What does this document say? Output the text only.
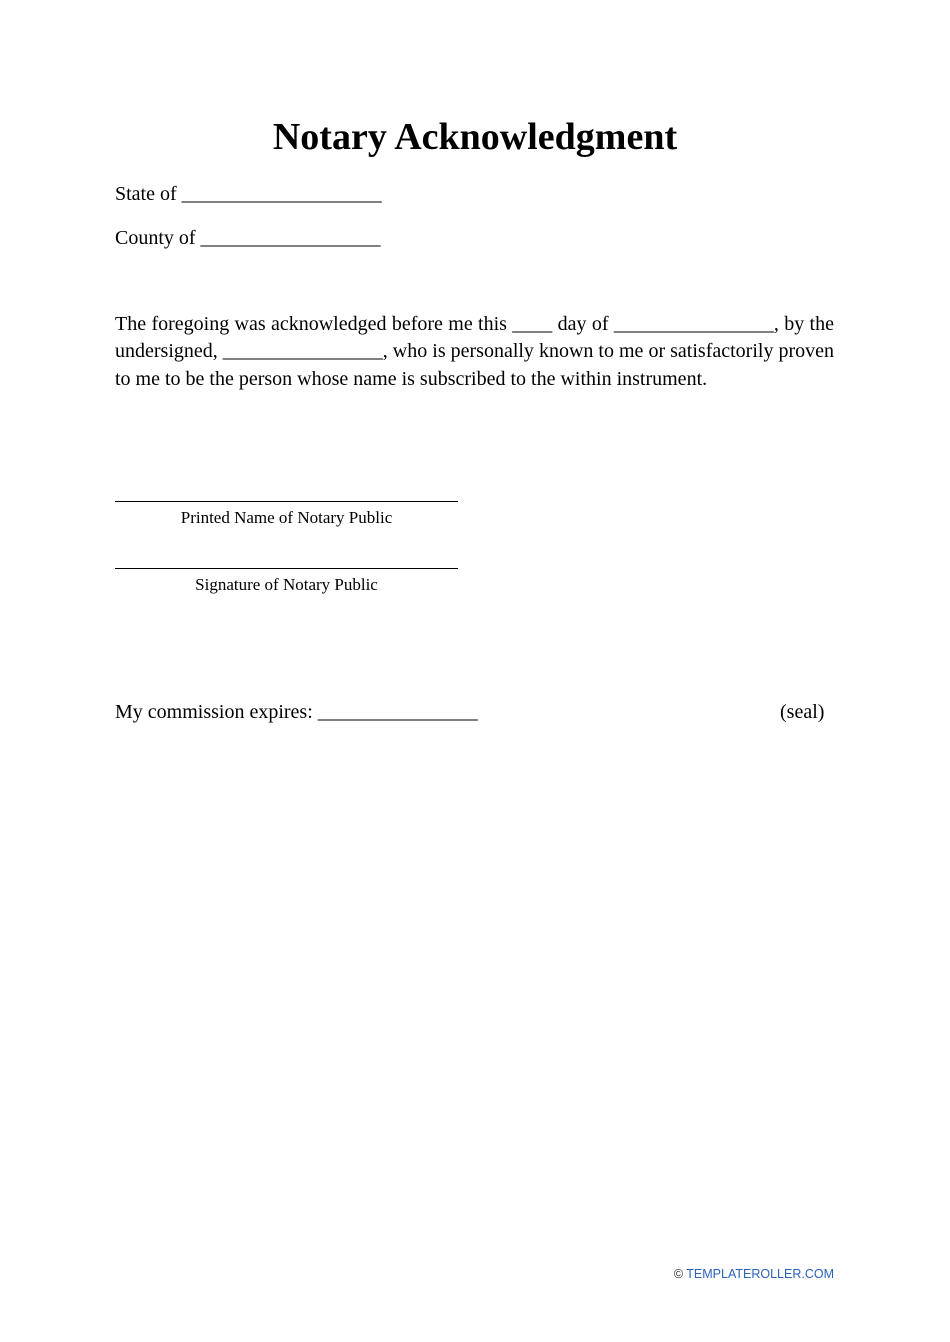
Notary Acknowledgment
State of ____________________
County of __________________

The foregoing was acknowledged before me this ____ day of ________________, by the undersigned, ________________, who is personally known to me or satisfactorily proven to me to be the person whose name is subscribed to the within instrument.

Printed Name of Notary Public
Signature of Notary Public
My commission expires: ________________	(seal)
© TEMPLATEROLLER.COM
